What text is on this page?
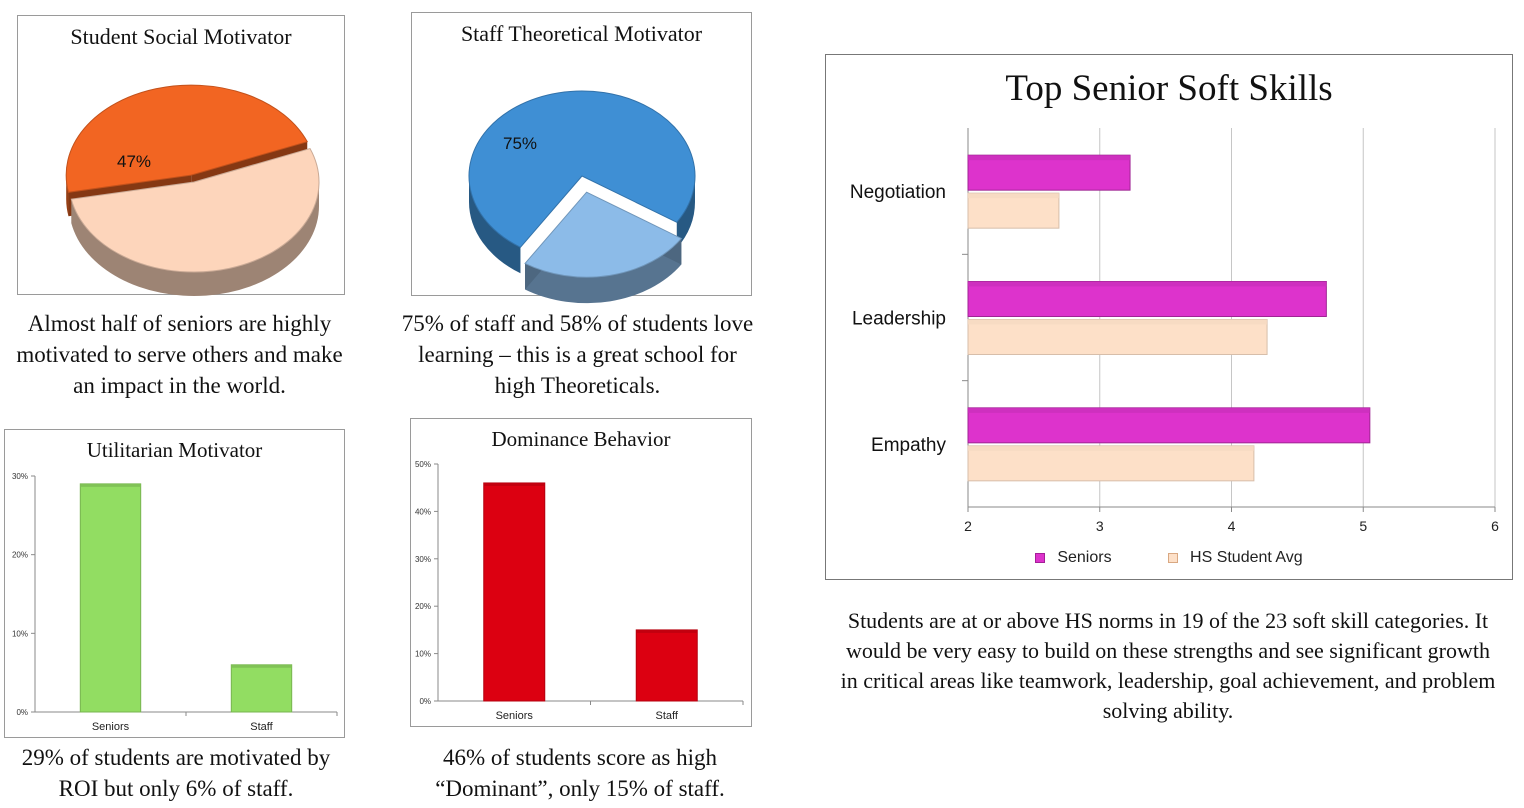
Student Social Motivator
47%
Almost half of seniors are highly motivated to serve others and make an impact in the world.
Staff Theoretical Motivator
75%
75% of staff and 58% of students love learning – this is a great school for high Theoreticals.
Utilitarian Motivator
0%
10%
20%
30%
Seniors	Staff
29% of students are motivated by ROI but only 6% of staff.
Dominance Behavior
0%
10%
20%
30%
40%
50%
Seniors	Staff
46% of students score as high “Dominant”, only 15% of staff.
Top Senior Soft Skills
2	3	4	5	6
Negotiation
Leadership
Empathy
Seniors
	HS Student Avg
Students are at or above HS norms in 19 of the 23 soft skill categories. It would be very easy to build on these strengths and see significant growth in critical areas like teamwork, leadership, goal achievement, and problem solving ability.
